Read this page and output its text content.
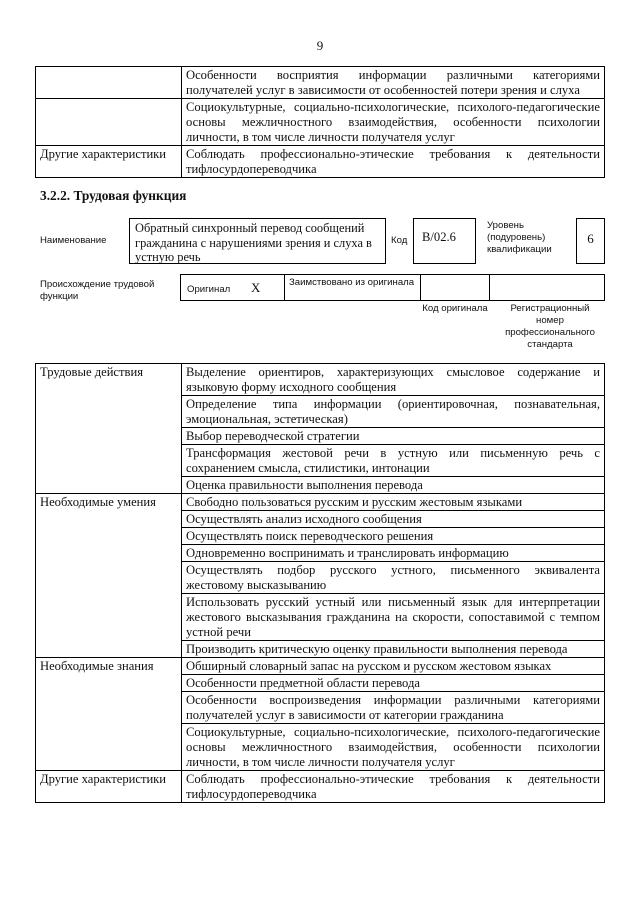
9
	Особенности восприятия информации различными категориями получателей услуг в зависимости от особенностей потери зрения и слуха
	Социокультурные, социально-психологические, психолого-педагогические основы межличностного взаимодействия, особенности психологии личности, в том числе личности получателя услуг
Другие характеристики	Соблюдать профессионально-этические требования к деятельности тифлосурдопереводчика
3.2.2. Трудовая функция
Наименование
Обратный синхронный перевод сообщений гражданина с нарушениями зрения и слуха в устную речь
Код	B/02.6
Уровень (подуровень) квалификации
6
Происхождение трудовой функции
Оригинал X	Заимствовано из оригинала
Код оригинала	Регистрационный номер профессионального стандарта
Трудовые действия	Выделение ориентиров, характеризующих смысловое содержание и языковую форму исходного сообщения
	Определение типа информации (ориентировочная, познавательная, эмоциональная, эстетическая)
	Выбор переводческой стратегии
	Трансформация жестовой речи в устную или письменную речь с сохранением смысла, стилистики, интонации
	Оценка правильности выполнения перевода
Необходимые умения	Свободно пользоваться русским и русским жестовым языками
	Осуществлять анализ исходного сообщения
	Осуществлять поиск переводческого решения
	Одновременно воспринимать и транслировать информацию
	Осуществлять подбор русского устного, письменного эквивалента жестовому высказыванию
	Использовать русский устный или письменный язык для интерпретации жестового высказывания гражданина на скорости, сопоставимой с темпом устной речи
	Производить критическую оценку правильности выполнения перевода
Необходимые знания	Обширный словарный запас на русском и русском жестовом языках
	Особенности предметной области перевода
	Особенности воспроизведения информации различными категориями получателей услуг в зависимости от категории гражданина
	Социокультурные, социально-психологические, психолого-педагогические основы межличностного взаимодействия, особенности психологии личности, в том числе личности получателя услуг
Другие характеристики	Соблюдать профессионально-этические требования к деятельности тифлосурдопереводчика
